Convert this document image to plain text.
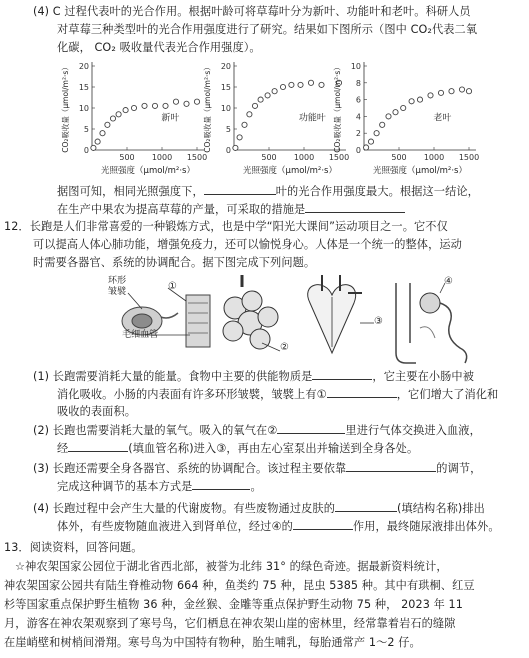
(4) C 过程代表叶的光合作用。根据叶龄可将草莓叶分为新叶、功能叶和老叶。科研人员
对草莓三种类型叶的光合作用强度进行了研究。结果如下图所示（图中 CO₂代表二氧
化碳， CO₂ 吸收量代表光合作用强度）。
0
5
10
15
20
500 1000 1500
新叶
光照强度（μmol/m²·s）
CO₂吸收量（μmol/m²·s）	0
5
10
15
20
500 1000 1500
功能叶
光照强度（μmol/m²·s）
CO₂吸收量（μmol/m²·s）	0
2
4
6
8
10
500 1000 1500
老叶
光照强度（μmol/m²·s）
CO₂吸收量（μmol/m²·s）
据图可知，相同光照强度下，	叶的光合作用强度最大。根据这一结论，
在生产中果农为提高草莓的产量，可采取的措施是
12．长跑是人们非常喜爱的一种锻炼方式，也是中学“阳光大课间”运动项目之一。它不仅
可以提高人体心肺功能，增强免疫力，还可以愉悦身心。人体是一个统一的整体，运动
时需要各器官、系统的协调配合。据下图完成下列问题。
环形
皱襞	①
毛细血管
②
③
④
(1) 长跑需要消耗大量的能量。食物中主要的供能物质是	，它主要在小肠中被
消化吸收。小肠的内表面有许多环形皱襞，皱襞上有①	，它们增大了消化和
吸收的表面积。
(2) 长跑也需要消耗大量的氧气。吸入的氧气在②	里进行气体交换进入血液，
经	(填血管名称)进入③，再由左心室泵出并输送到全身各处。
(3) 长跑还需要全身各器官、系统的协调配合。该过程主要依靠	的调节，
完成这种调节的基本方式是	。
(4) 长跑过程中会产生大量的代谢废物。有些废物通过皮肤的	(填结构名称)排出
体外，有些废物随血液进入到肾单位，经过④的	作用，最终随尿液排出体外。
13．阅读资料，回答问题。
☆神农架国家公园位于湖北省西北部，被誉为北纬 31° 的绿色奇迹。据最新资料统计，
神农架国家公园共有陆生脊椎动物 664 种，鱼类约 75 种，昆虫 5385 种。其中有珙桐、红豆
杉等国家重点保护野生植物 36 种，金丝猴、金雕等重点保护野生动物 75 种， 2023 年 11
月，游客在神农架观察到了寒号鸟，它们栖息在神农架山崖的密林里，经常靠着岩石的缝隙
在崖峭壁和树梢间滑翔。寒号鸟为中国特有物种，胎生哺乳，每胎通常产 1～2 仔。
